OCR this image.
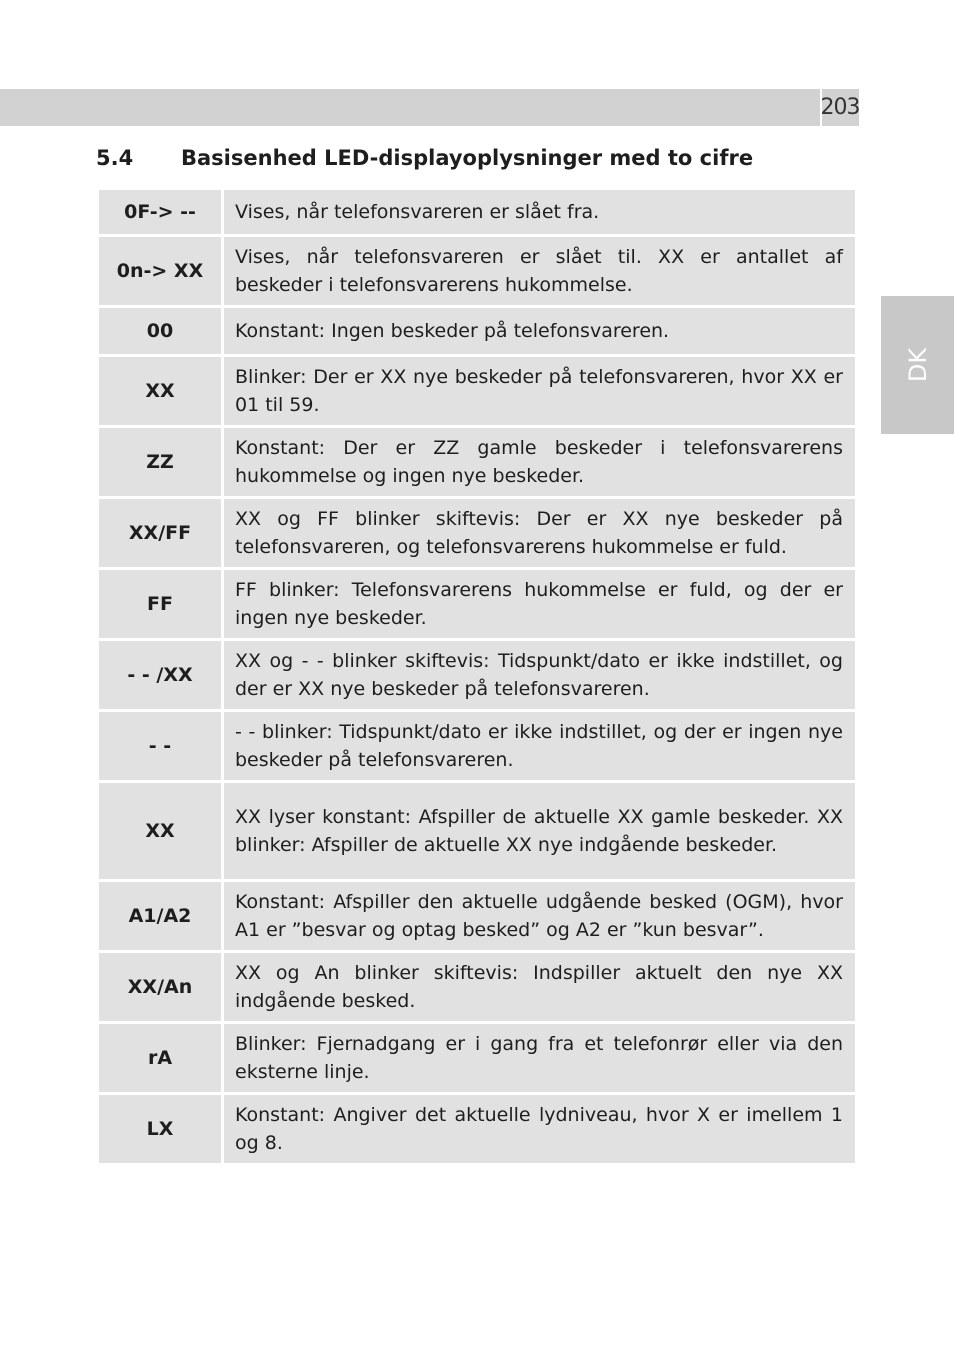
203
DK
5.4 Basisenhed LED-displayoplysninger med to cifre
0F-> --	Vises, når telefonsvareren er slået fra.
0n-> XX	Vises, når telefonsvareren er slået til. XX er antallet af beskeder i telefonsvarerens hukommelse.
00	Konstant: Ingen beskeder på telefonsvareren.
XX	Blinker: Der er XX nye beskeder på telefonsvareren, hvor XX er 01 til 59.
ZZ	Konstant: Der er ZZ gamle beskeder i telefonsvarerens hukommelse og ingen nye beskeder.
XX/FF	XX og FF blinker skiftevis: Der er XX nye beskeder på telefonsvareren, og telefonsvarerens hukommelse er fuld.
FF	FF blinker: Telefonsvarerens hukommelse er fuld, og der er ingen nye beskeder.
- - /XX	XX og - - blinker skiftevis: Tidspunkt/dato er ikke indstillet, og der er XX nye beskeder på telefonsvareren.
- -	- - blinker: Tidspunkt/dato er ikke indstillet, og der er ingen nye beskeder på telefonsvareren.
XX	XX lyser konstant: Afspiller de aktuelle XX gamle beskeder. XX blinker: Afspiller de aktuelle XX nye indgående beskeder.
A1/A2	Konstant: Afspiller den aktuelle udgående besked (OGM), hvor A1 er ”besvar og optag besked” og A2 er ”kun besvar”.
XX/An	XX og An blinker skiftevis: Indspiller aktuelt den nye XX indgående besked.
rA	Blinker: Fjernadgang er i gang fra et telefonrør eller via den eksterne linje.
LX	Konstant: Angiver det aktuelle lydniveau, hvor X er imellem 1 og 8.
